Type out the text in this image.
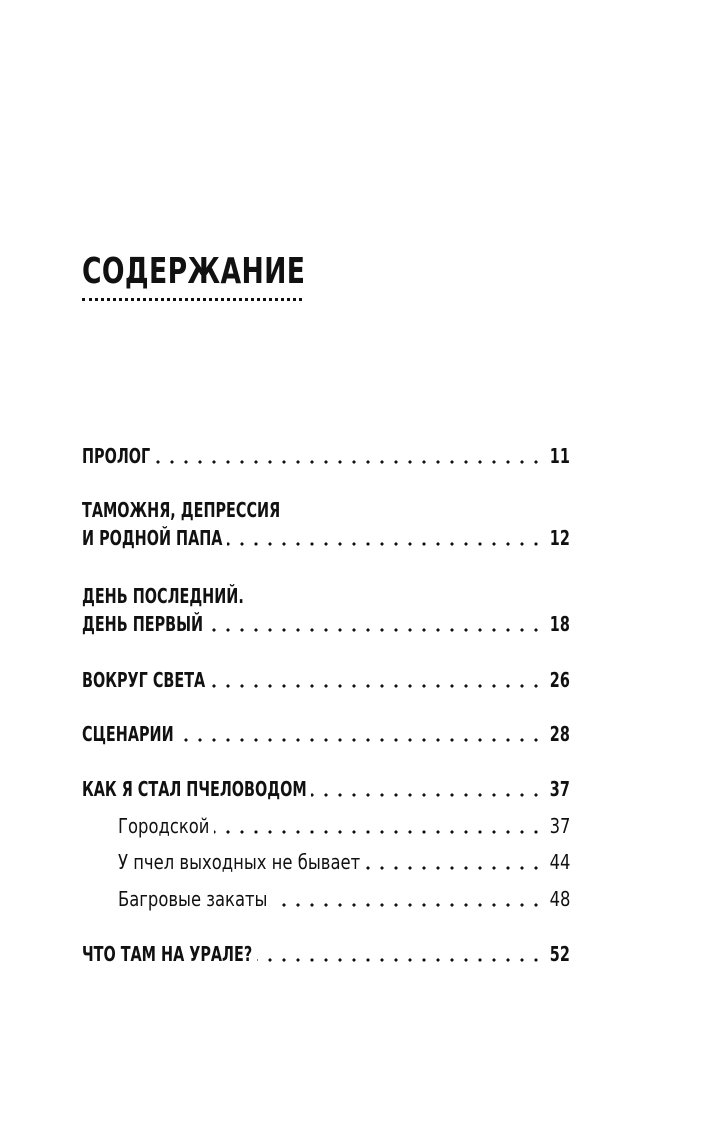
СОДЕРЖАНИЕ
ПРОЛОГ	11
ТАМОЖНЯ, ДЕПРЕССИЯ
И РОДНОЙ ПАПА	12
ДЕНЬ ПОСЛЕДНИЙ.
ДЕНЬ ПЕРВЫЙ	18
ВОКРУГ СВЕТА	26
СЦЕНАРИИ	28
КАК Я СТАЛ ПЧЕЛОВОДОМ	37
Городской	37
У пчел выходных не бывает	44
Багровые закаты	48
ЧТО ТАМ НА УРАЛЕ?	52
